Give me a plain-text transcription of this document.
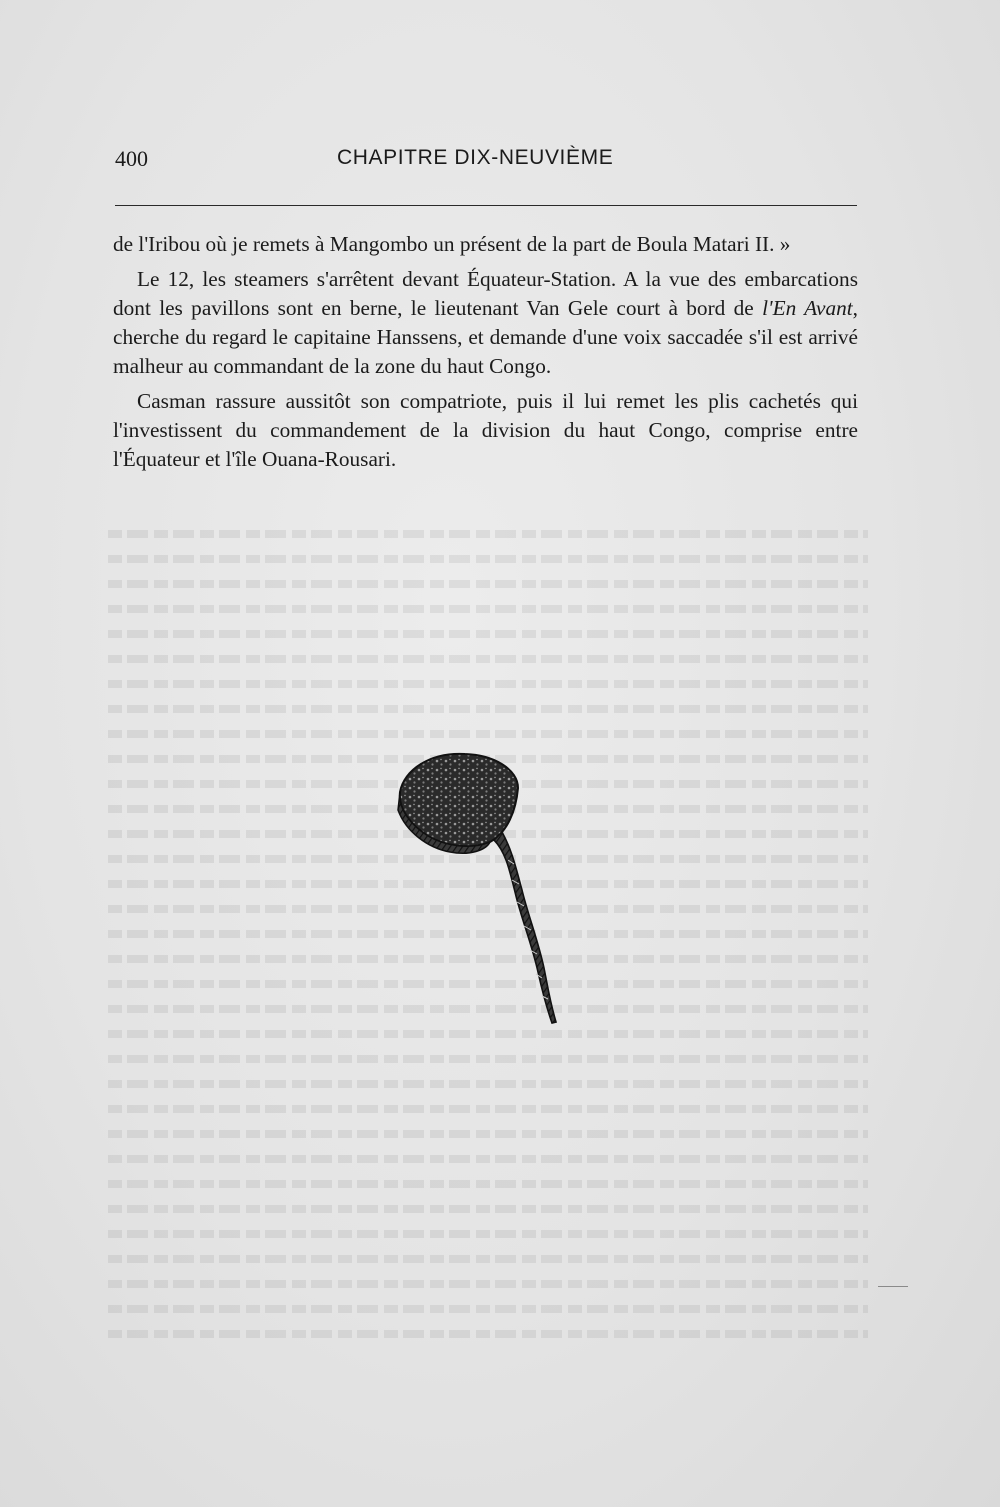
400	CHAPITRE DIX-NEUVIÈME

de l'Iribou où je remets à Mangombo un présent de la part de Boula Matari II. »

Le 12, les steamers s'arrêtent devant Équateur-Station. A la vue des embarcations dont les pavillons sont en berne, le lieutenant Van Gele court à bord de l'En Avant, cherche du regard le capitaine Hanssens, et demande d'une voix saccadée s'il est arrivé malheur au commandant de la zone du haut Congo.

Casman rassure aussitôt son compatriote, puis il lui remet les plis cachetés qui l'investissent du commandement de la division du haut Congo, comprise entre l'Équateur et l'île Ouana-Rousari.
